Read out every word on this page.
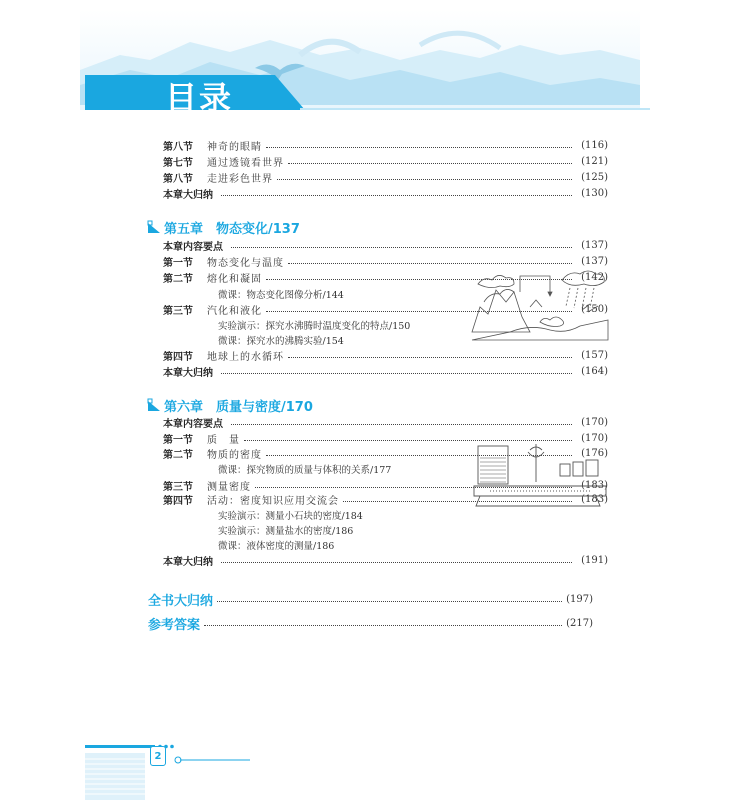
目录
第八节	神奇的眼睛	(116)
第七节	通过透镜看世界	(121)
第八节	走进彩色世界	(125)
本章大归纳	(130)
第五章　物态变化/137
本章内容要点	(137)
第一节	物态变化与温度	(137)
第二节	熔化和凝固	(142)
微课：物态变化图像分析/144
第三节	汽化和液化	(150)
实验演示：探究水沸腾时温度变化的特点/150
微课：探究水的沸腾实验/154
第四节	地球上的水循环	(157)
本章大归纳	(164)
第六章　质量与密度/170
本章内容要点	(170)
第一节	质　量	(170)
第二节	物质的密度	(176)
微课：探究物质的质量与体积的关系/177
第三节	测量密度	(183)
第四节	活动：密度知识应用交流会	(183)
实验演示：测量小石块的密度/184
实验演示：测量盐水的密度/186
微课：液体密度的测量/186
本章大归纳	(191)
全书大归纳	(197)
参考答案	(217)
2
